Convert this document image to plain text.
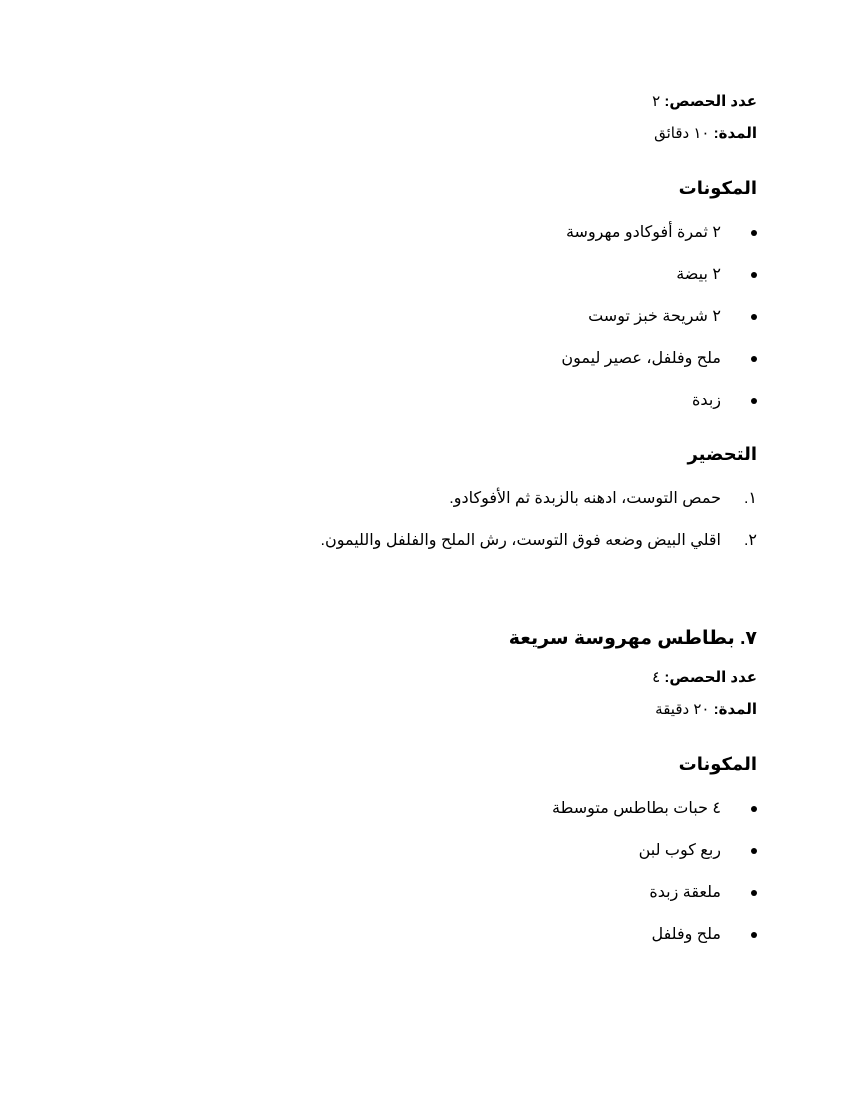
عدد الحصص: ٢

المدة: ١٠ دقائق

المكونات
٢ ثمرة أفوكادو مهروسة
٢ بيضة
٢ شريحة خبز توست
ملح وفلفل، عصير ليمون
زبدة
التحضير
١.
حمص التوست، ادهنه بالزبدة ثم الأفوكادو.
٢.
اقلي البيض وضعه فوق التوست، رش الملح والفلفل والليمون.
٧. بطاطس مهروسة سريعة

عدد الحصص: ٤

المدة: ٢٠ دقيقة

المكونات
٤ حبات بطاطس متوسطة
ربع كوب لبن
ملعقة زبدة
ملح وفلفل
